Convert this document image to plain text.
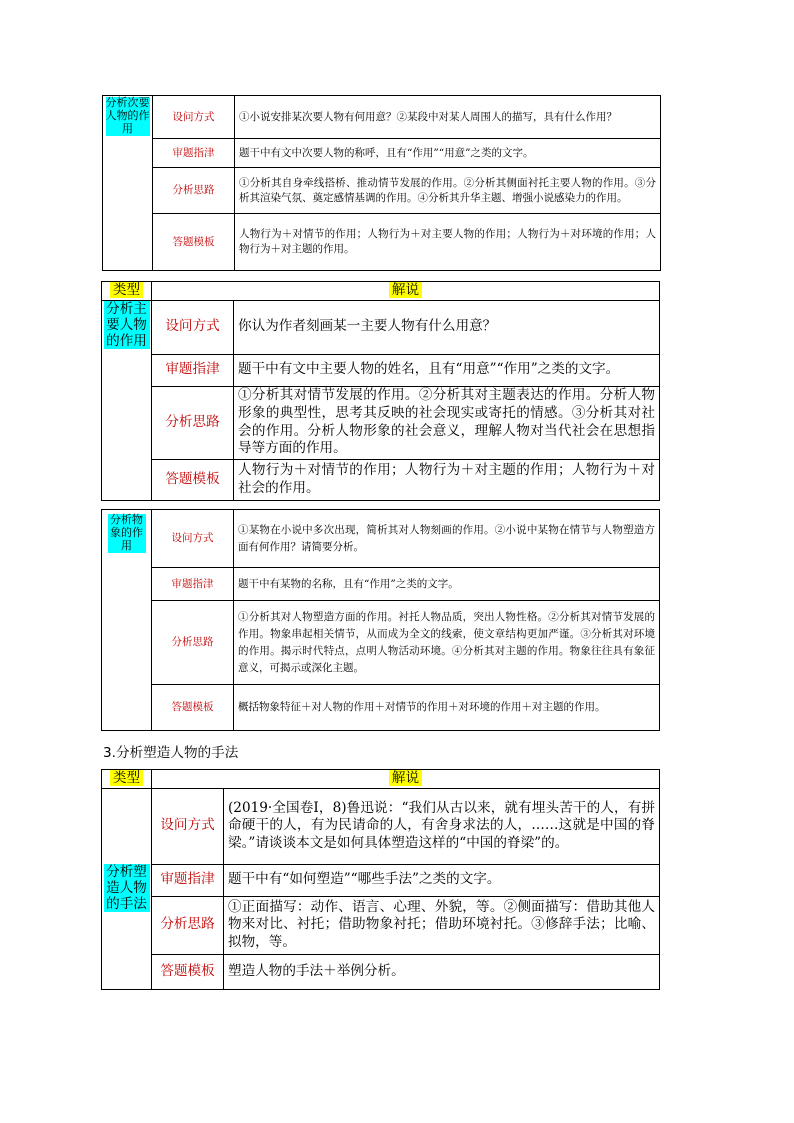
分析次要人物的作用	设问方式	①小说安排某次要人物有何用意？②某段中对某人周围人的描写，具有什么作用？
	审题指津	题干中有文中次要人物的称呼，且有“作用”“用意”之类的文字。
	分析思路	①分析其自身牵线搭桥、推动情节发展的作用。②分析其侧面衬托主要人物的作用。③分析其渲染气氛、奠定感情基调的作用。④分析其升华主题、增强小说感染力的作用。
	答题模板	人物行为＋对情节的作用；人物行为＋对主要人物的作用；人物行为＋对环境的作用；人物行为＋对主题的作用。
类型	解说	
分析主要人物的作用	设问方式	你认为作者刻画某一主要人物有什么用意？
	审题指津	题干中有文中主要人物的姓名，且有“用意”“作用”之类的文字。
	分析思路	①分析其对情节发展的作用。②分析其对主题表达的作用。分析人物形象的典型性，思考其反映的社会现实或寄托的情感。③分析其对社会的作用。分析人物形象的社会意义，理解人物对当代社会在思想指导等方面的作用。
	答题模板	人物行为＋对情节的作用；人物行为＋对主题的作用；人物行为＋对社会的作用。
分析物象的作用	设问方式	①某物在小说中多次出现，简析其对人物刻画的作用。②小说中某物在情节与人物塑造方面有何作用？请简要分析。
	审题指津	题干中有某物的名称，且有“作用”之类的文字。
	分析思路	①分析其对人物塑造方面的作用。衬托人物品质，突出人物性格。②分析其对情节发展的作用。物象串起相关情节，从而成为全文的线索，使文章结构更加严谨。③分析其对环境的作用。揭示时代特点，点明人物活动环境。④分析其对主题的作用。物象往往具有象征意义，可揭示或深化主题。
	答题模板	概括物象特征＋对人物的作用＋对情节的作用＋对环境的作用＋对主题的作用。
3.分析塑造人物的手法
类型	解说	
分析塑造人物的手法	设问方式	(2019·全国卷Ⅰ，8)鲁迅说：“我们从古以来，就有埋头苦干的人，有拼命硬干的人，有为民请命的人，有舍身求法的人，……这就是中国的脊梁。”请谈谈本文是如何具体塑造这样的“中国的脊梁”的。
	审题指津	题干中有“如何塑造”“哪些手法”之类的文字。
	分析思路	①正面描写：动作、语言、心理、外貌，等。②侧面描写：借助其他人物来对比、衬托；借助物象衬托；借助环境衬托。③修辞手法；比喻、拟物，等。
	答题模板	塑造人物的手法＋举例分析。
